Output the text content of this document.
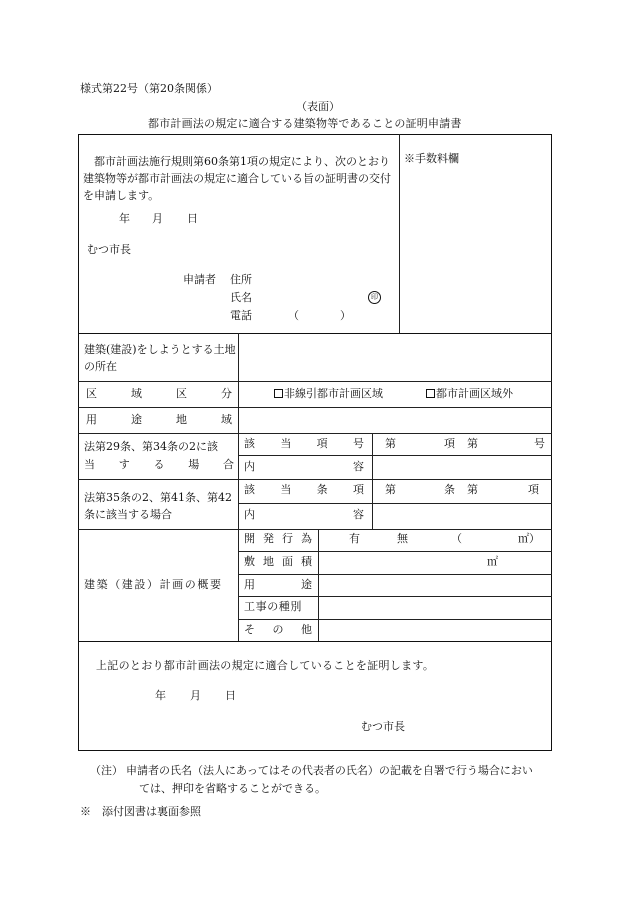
様式第22号（第20条関係）
（表面）
都市計画法の規定に適合する建築物等であることの証明申請書
都市計画法施行規則第60条第1項の規定により、次のとおり建築物等が都市計画法の規定に適合している旨の証明書の交付を申請します。
年 月 日
むつ市長
申請者 住所
氏名	印
電話	（	）
※手数料欄
建築(建設)をしようとする土地の所在
区	域	区	分	非線引都市計画区域	都市計画区域外
用	途	地	域
法第29条、第34条の2に該
当 す る 場 合
該 当 項 号 第	項 第	号
内	容
法第35条の2、第41条、第42条に該当する場合
該 当 条 項 第	条 第	項
内	容
建築（建設）計画の概要
開 発 行 為	有	無	（	㎡）
敷 地 面 積	㎡
用	途
工事の種別
そ の 他
上記のとおり都市計画法の規定に適合していることを証明します。
年 月 日
むつ市長
（注） 申請者の氏名（法人にあってはその代表者の氏名）の記載を自署で行う場合におい
ては、押印を省略することができる。
※　添付図書は裏面参照
